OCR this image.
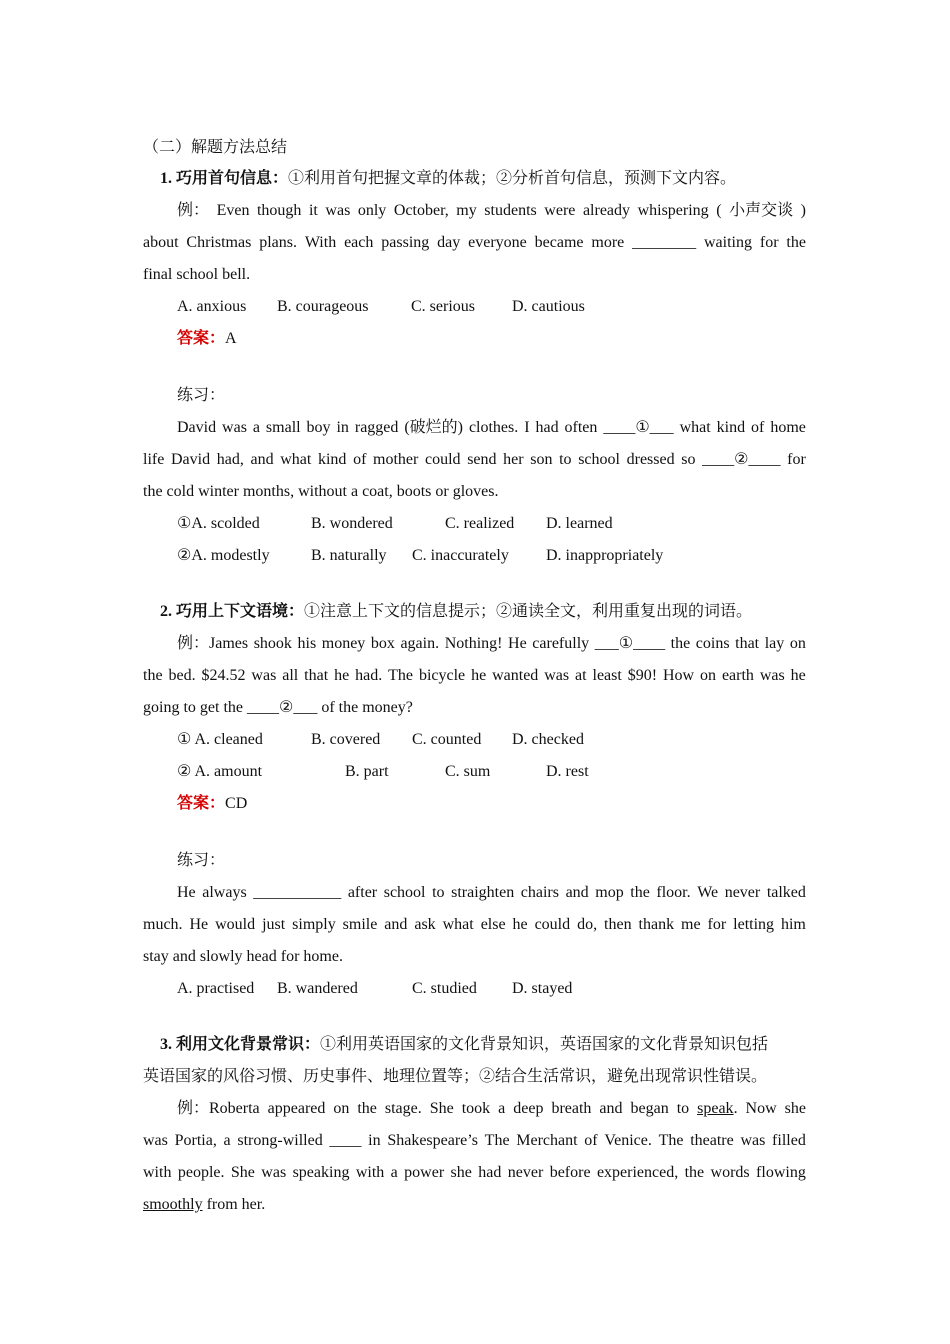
（二）解题方法总结
1. 巧用首句信息：①利用首句把握文章的体裁；②分析首句信息，预测下文内容。
例： Even though it was only October, my students were already whispering ( 小声交谈 )
about Christmas plans. With each passing day everyone became more ________ waiting for the
final school bell.
A. anxious B. courageous	C. serious D. cautious
答案：A
练习：
David was a small boy in ragged (破烂的) clothes. I had often ____①___ what kind of home
life David had, and what kind of mother could send her son to school dressed so ____②____ for
the cold winter months, without a coat, boots or gloves.
①A. scolded	B. wondered	C. realized D. learned
②A. modestly	B. naturally C. inaccurately D. inappropriately
2. 巧用上下文语境：①注意上下文的信息提示；②通读全文，利用重复出现的词语。
例：James shook his money box again. Nothing! He carefully ___①____ the coins that lay on
the bed. $24.52 was all that he had. The bicycle he wanted was at least $90! How on earth was he
going to get the ____②___ of the money?
① A. cleaned	B. covered C. counted D. checked
② A. amount	B. part	C. sum	D. rest
答案：CD
练习：
He always ___________ after school to straighten chairs and mop the floor. We never talked
much. He would just simply smile and ask what else he could do, then thank me for letting him
stay and slowly head for home.
A. practised B. wandered	C. studied D. stayed
3. 利用文化背景常识：①利用英语国家的文化背景知识，英语国家的文化背景知识包括
英语国家的风俗习惯、历史事件、地理位置等；②结合生活常识，避免出现常识性错误。
例：Roberta appeared on the stage. She took a deep breath and began to speak. Now she
was Portia, a strong-willed ____ in Shakespeare’s The Merchant of Venice. The theatre was filled
with people. She was speaking with a power she had never before experienced, the words flowing
smoothly from her.
